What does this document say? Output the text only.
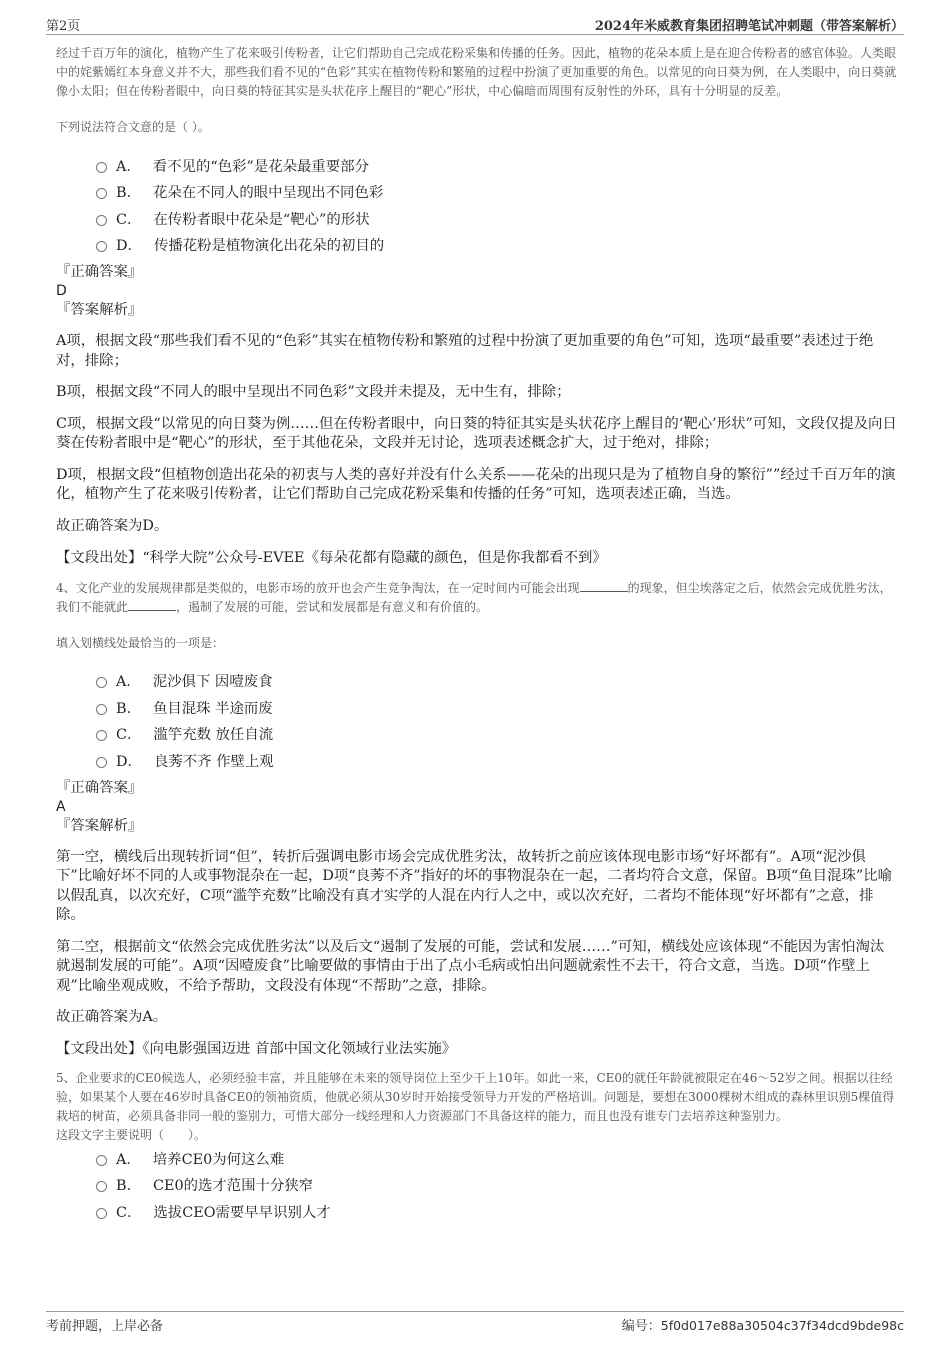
第2页	2024年米威教育集团招聘笔试冲刺题（带答案解析）

经过千百万年的演化，植物产生了花来吸引传粉者，让它们帮助自己完成花粉采集和传播的任务。因此，植物的花朵本质上是在迎合传粉者的感官体验。人类眼中的姹紫嫣红本身意义并不大，那些我们看不见的“色彩”其实在植物传粉和繁殖的过程中扮演了更加重要的角色。以常见的向日葵为例，在人类眼中，向日葵就像小太阳；但在传粉者眼中，向日葵的特征其实是头状花序上醒目的“靶心”形状，中心偏暗而周围有反射性的外环，具有十分明显的反差。

下列说法符合文意的是（ ）。

A． 看不见的“色彩”是花朵最重要部分
B． 花朵在不同人的眼中呈现出不同色彩
C． 在传粉者眼中花朵是“靶心”的形状
D． 传播花粉是植物演化出花朵的初目的

『正确答案』

D

『答案解析』

A项，根据文段“那些我们看不见的“色彩”其实在植物传粉和繁殖的过程中扮演了更加重要的角色”可知，选项“最重要”表述过于绝对，排除；

B项，根据文段“不同人的眼中呈现出不同色彩”文段并未提及，无中生有，排除；

C项，根据文段“以常见的向日葵为例……但在传粉者眼中，向日葵的特征其实是头状花序上醒目的‘靶心’形状”可知，文段仅提及向日葵在传粉者眼中是“靶心”的形状，至于其他花朵，文段并无讨论，选项表述概念扩大，过于绝对，排除；

D项，根据文段“但植物创造出花朵的初衷与人类的喜好并没有什么关系——花朵的出现只是为了植物自身的繁衍””经过千百万年的演化，植物产生了花来吸引传粉者，让它们帮助自己完成花粉采集和传播的任务”可知，选项表述正确，当选。

故正确答案为D。

【文段出处】“科学大院”公众号-EVEE《每朵花都有隐藏的颜色，但是你我都看不到》

4、文化产业的发展规律都是类似的，电影市场的放开也会产生竞争淘汰，在一定时间内可能会出现	的现象，但尘埃落定之后，依然会完成优胜劣汰，我们不能就此	，遏制了发展的可能，尝试和发展都是有意义和有价值的。

填入划横线处最恰当的一项是：

A． 泥沙俱下 因噎废食
B． 鱼目混珠 半途而废
C． 滥竽充数 放任自流
D． 良莠不齐 作壁上观

『正确答案』

A

『答案解析』

第一空，横线后出现转折词“但”，转折后强调电影市场会完成优胜劣汰，故转折之前应该体现电影市场“好坏都有”。A项“泥沙俱下”比喻好坏不同的人或事物混杂在一起，D项“良莠不齐”指好的坏的事物混杂在一起，二者均符合文意，保留。B项“鱼目混珠”比喻以假乱真，以次充好，C项“滥竽充数”比喻没有真才实学的人混在内行人之中，或以次充好，二者均不能体现“好坏都有”之意，排除。

第二空，根据前文“依然会完成优胜劣汰”以及后文“遏制了发展的可能，尝试和发展……”可知，横线处应该体现“不能因为害怕淘汰就遏制发展的可能”。A项“因噎废食”比喻要做的事情由于出了点小毛病或怕出问题就索性不去干，符合文意，当选。D项“作壁上观”比喻坐观成败，不给予帮助，文段没有体现“不帮助”之意，排除。

故正确答案为A。

【文段出处】《向电影强国迈进 首部中国文化领域行业法实施》

5、企业要求的CE0候选人，必须经验丰富，并且能够在未来的领导岗位上至少干上10年。如此一来，CE0的就任年龄就被限定在46～52岁之间。根据以往经验，如果某个人要在46岁时具备CE0的领袖资质，他就必须从30岁时开始接受领导力开发的严格培训。问题是，要想在3000棵树木组成的森林里识别5棵值得栽培的树苗，必须具备非同一般的鉴别力，可惜大部分一线经理和人力资源部门不具备这样的能力，而且也没有谁专门去培养这种鉴别力。

这段文字主要说明（　　）。

A． 培养CE0为何这么难
B． CE0的选才范围十分狭窄
C． 选拔CEO需要早早识别人才
考前押题，上岸必备	编号：5f0d017e88a30504c37f34dcd9bde98c
